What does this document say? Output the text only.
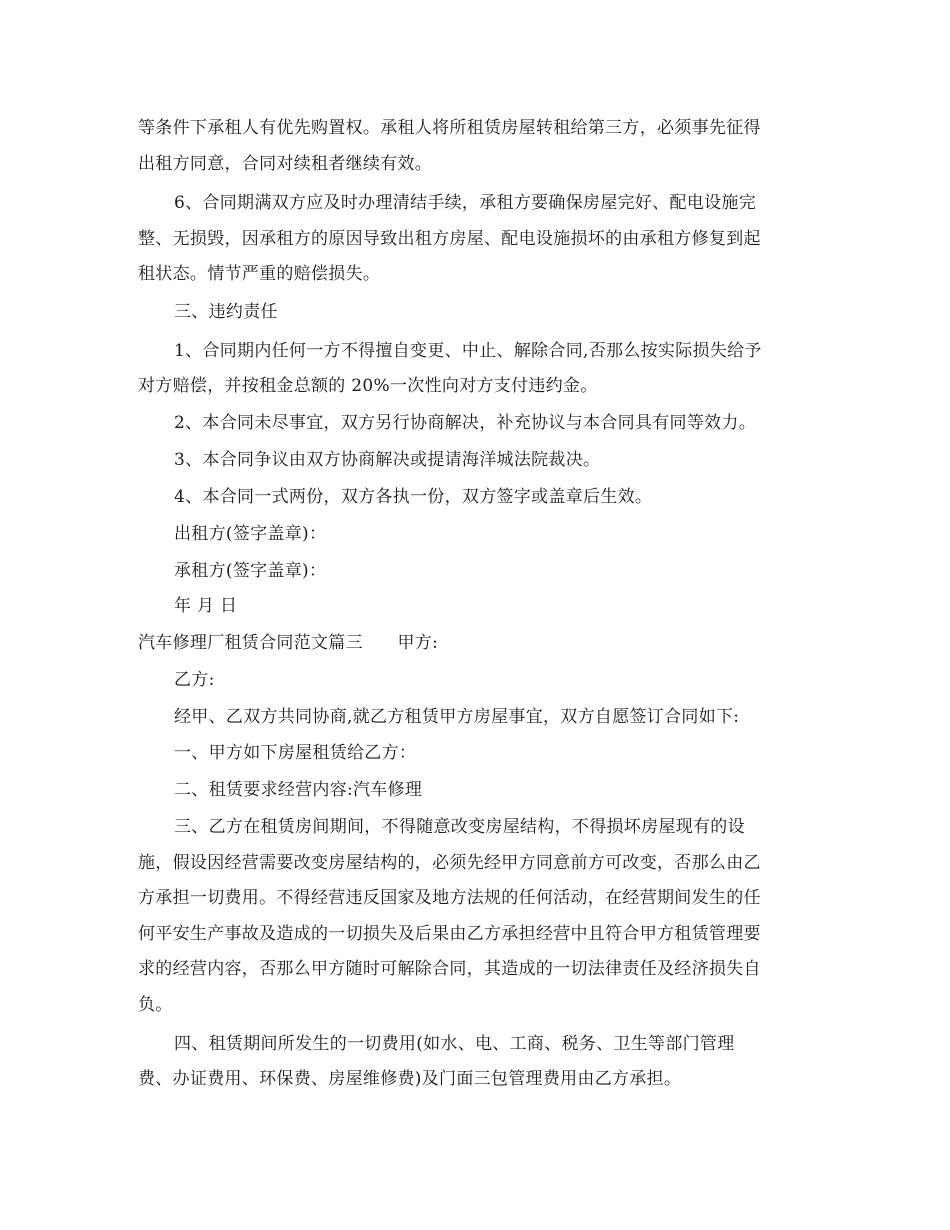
等条件下承租人有优先购置权。承租人将所租赁房屋转租给第三方，必须事先征得
出租方同意，合同对续租者继续有效。
6、合同期满双方应及时办理清结手续，承租方要确保房屋完好、配电设施完
整、无损毁，因承租方的原因导致出租方房屋、配电设施损坏的由承租方修复到起
租状态。情节严重的赔偿损失。
三、违约责任
1、合同期内任何一方不得擅自变更、中止、解除合同,否那么按实际损失给予
对方赔偿，并按租金总额的 20%一次性向对方支付违约金。
2、本合同未尽事宜，双方另行协商解决，补充协议与本合同具有同等效力。
3、本合同争议由双方协商解决或提请海洋城法院裁决。
4、本合同一式两份，双方各执一份，双方签字或盖章后生效。
出租方(签字盖章)：
承租方(签字盖章)：
年 月 日
汽车修理厂租赁合同范文篇三　　甲方:
乙方:
经甲、乙双方共同协商,就乙方租赁甲方房屋事宜，双方自愿签订合同如下:
一、甲方如下房屋租赁给乙方：
二、租赁要求经营内容:汽车修理
三、乙方在租赁房间期间，不得随意改变房屋结构，不得损坏房屋现有的设
施，假设因经营需要改变房屋结构的，必须先经甲方同意前方可改变，否那么由乙
方承担一切费用。不得经营违反国家及地方法规的任何活动，在经营期间发生的任
何平安生产事故及造成的一切损失及后果由乙方承担经营中且符合甲方租赁管理要
求的经营内容，否那么甲方随时可解除合同，其造成的一切法律责任及经济损失自
负。
四、租赁期间所发生的一切费用(如水、电、工商、税务、卫生等部门管理
费、办证费用、环保费、房屋维修费)及门面三包管理费用由乙方承担。
